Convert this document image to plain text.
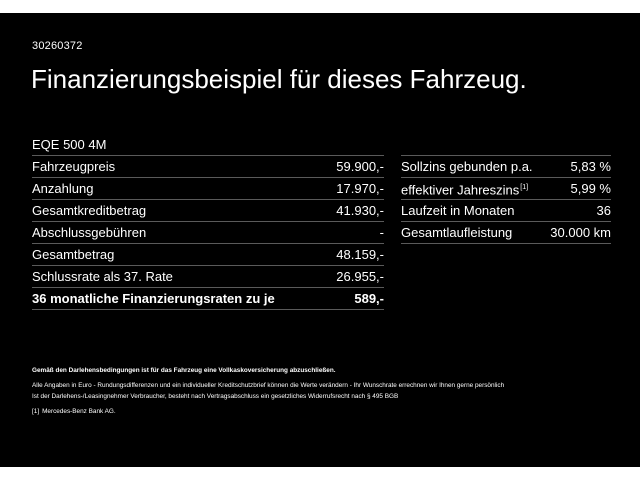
30260372
Finanzierungsbeispiel für dieses Fahrzeug.
EQE 500 4M
Fahrzeugpreis	59.900,-
Anzahlung	17.970,-
Gesamtkreditbetrag	41.930,-
Abschlussgebühren	-
Gesamtbetrag	48.159,-
Schlussrate als 37. Rate	26.955,-
36 monatliche Finanzierungsraten zu je	589,-
Sollzins gebunden p.a.	5,83 %
effektiver Jahreszins[1]	5,99 %
Laufzeit in Monaten	36
Gesamtlaufleistung	30.000 km
Gemäß den Darlehensbedingungen ist für das Fahrzeug eine Vollkaskoversicherung abzuschließen.
Alle Angaben in Euro - Rundungsdifferenzen und ein individueller Kreditschutzbrief können die Werte verändern - Ihr Wunschrate errechnen wir Ihnen gerne persönlich
Ist der Darlehens-/Leasingnehmer Verbraucher, besteht nach Vertragsabschluss ein gesetzliches Widerrufsrecht nach § 495 BGB
[1] Mercedes-Benz Bank AG.
